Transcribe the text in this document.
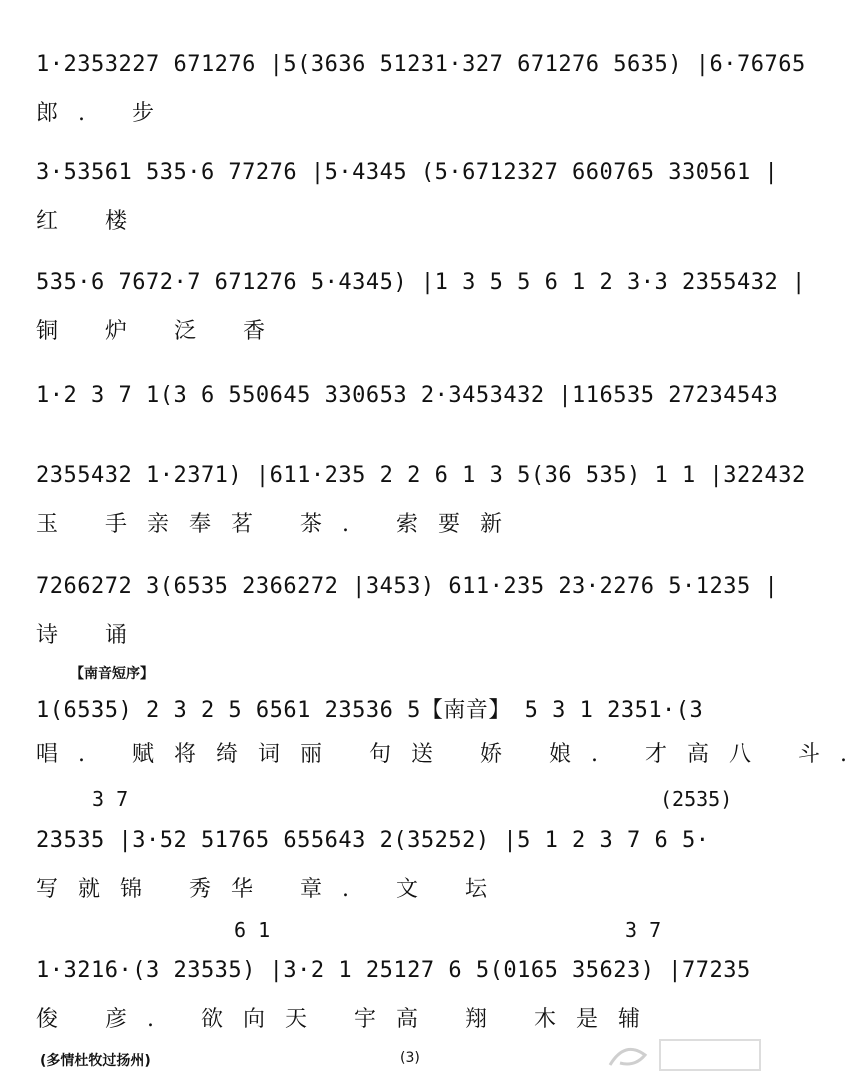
1·2353227 671276 |5(3636 51231·327 671276 5635) |6·76765
郎. 步
3·53561 535·6 77276 |5·4345 (5·6712327 660765 330561 |
红 楼
535·6 7672·7 671276 5·4345) |1 3 5 5 6 1 2 3·3 2355432 |
铜 炉 泛 香
1·2 3 7 1(3 6 550645 330653 2·3453432 |116535 27234543
2355432 1·2371) |611·235 2 2 6 1 3 5(36 535) 1 1 |322432
玉 手亲奉茗 茶. 索要新
7266272 3(6535 2366272 |3453) 611·235 23·2276 5·1235 |
诗 诵
【南音短序】
1(6535) 2 3 2 5 6561 23536 5【南音】 5 3 1 2351·(3
唱. 赋将绮词丽 句送 娇 娘. 才高八 斗.
3 7	(2535)
23535 |3·52 51765 655643 2(35252) |5 1 2 3 7 6 5·
写就锦 秀华 章. 文 坛
6 1	3 7
1·3216·(3 23535) |3·2 1 25127 6 5(0165 35623) |77235
俊 彦. 欲向天 宇高 翔 木是辅
(多情杜牧过扬州)	(3)
